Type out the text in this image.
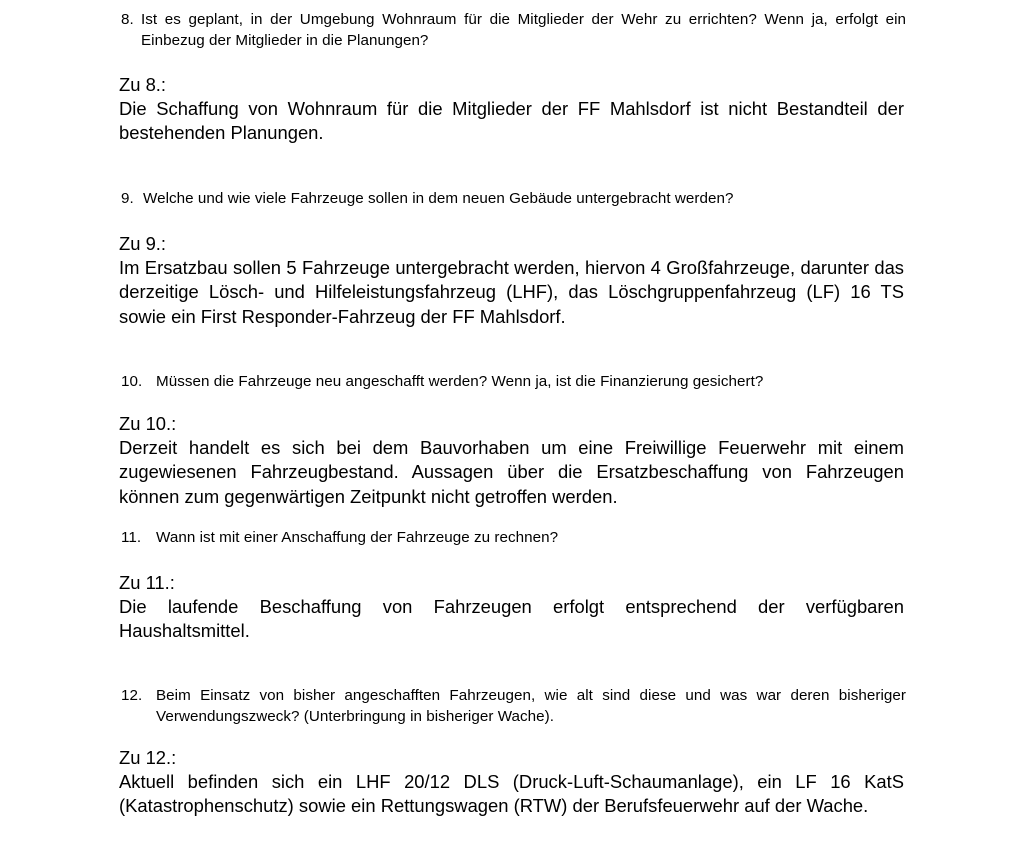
8. Ist es geplant, in der Umgebung Wohnraum für die Mitglieder der Wehr zu errichten? Wenn ja, erfolgt ein Einbezug der Mitglieder in die Planungen?
Zu 8.:
Die Schaffung von Wohnraum für die Mitglieder der FF Mahlsdorf ist nicht Bestandteil der bestehenden Planungen.
9. Welche und wie viele Fahrzeuge sollen in dem neuen Gebäude untergebracht werden?
Zu 9.:
Im Ersatzbau sollen 5 Fahrzeuge untergebracht werden, hiervon 4 Großfahrzeuge, darunter das derzeitige Lösch- und Hilfeleistungsfahrzeug (LHF), das Löschgruppenfahrzeug (LF) 16 TS sowie ein First Responder-Fahrzeug der FF Mahlsdorf.
10. Müssen die Fahrzeuge neu angeschafft werden? Wenn ja, ist die Finanzierung gesichert?
Zu 10.:
Derzeit handelt es sich bei dem Bauvorhaben um eine Freiwillige Feuerwehr mit einem zugewiesenen Fahrzeugbestand. Aussagen über die Ersatzbeschaffung von Fahrzeugen können zum gegenwärtigen Zeitpunkt nicht getroffen werden.
11. Wann ist mit einer Anschaffung der Fahrzeuge zu rechnen?
Zu 11.:
Die laufende Beschaffung von Fahrzeugen erfolgt entsprechend der verfügbaren Haushaltsmittel.
12. Beim Einsatz von bisher angeschafften Fahrzeugen, wie alt sind diese und was war deren bisheriger Verwendungszweck? (Unterbringung in bisheriger Wache).
Zu 12.:
Aktuell befinden sich ein LHF 20/12 DLS (Druck-Luft-Schaumanlage), ein LF 16 KatS (Katastrophenschutz) sowie ein Rettungswagen (RTW) der Berufsfeuerwehr auf der Wache.
